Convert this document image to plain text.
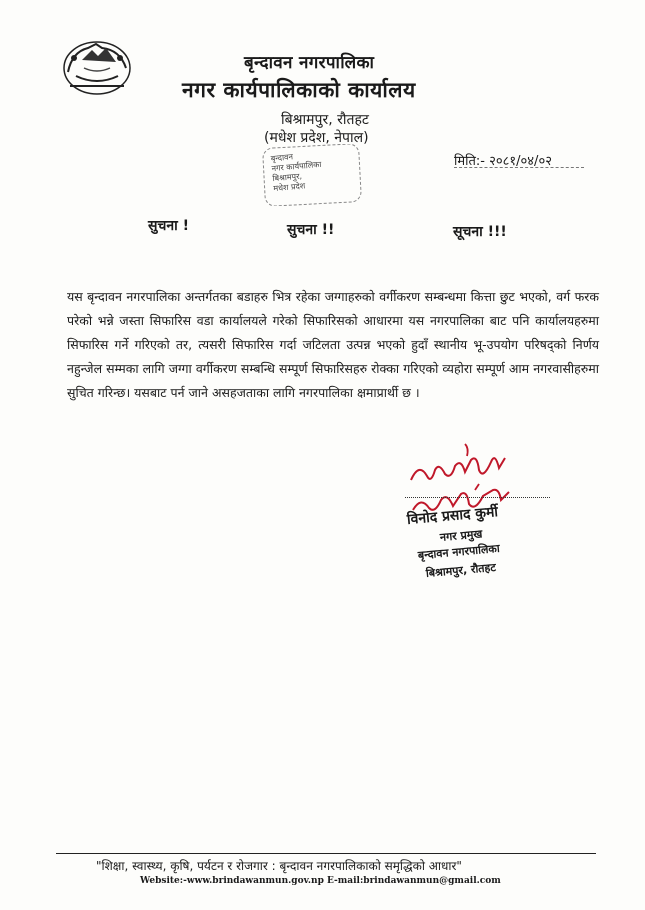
बृन्दावन नगरपालिका
नगर कार्यपालिकाको कार्यालय
बिश्रामपुर, रौतहट
(मधेश प्रदेश, नेपाल)
बृन्दावन
नगर कार्यपालिका
बिश्रामपुर,
मधेश प्रदेश
मिति:- २०८१/०४/०२
सुचना !	सुचना !!	सूचना !!!
यस बृन्दावन नगरपालिका अन्तर्गतका बडाहरु भित्र रहेका जग्गाहरुको वर्गीकरण सम्बन्धमा कित्ता छुट भएको, वर्ग फरक परेको भन्ने जस्ता सिफारिस वडा कार्यालयले गरेको सिफारिसको आधारमा यस नगरपालिका बाट पनि कार्यालयहरुमा सिफारिस गर्ने गरिएको तर, त्यसरी सिफारिस गर्दा जटिलता उत्पन्न भएको हुदाँ स्थानीय भू-उपयोग परिषद्‌को निर्णय नहुन्जेल सम्मका लागि जग्गा वर्गीकरण सम्बन्धि सम्पूर्ण सिफारिसहरु रोक्का गरिएको व्यहोरा सम्पूर्ण आम नगरवासीहरुमा सुचित गरिन्छ। यसबाट पर्न जाने असहजताका लागि नगरपालिका क्षमाप्रार्थी छ ।
विनोद प्रसाद कुर्मी
नगर प्रमुख
बृन्दावन नगरपालिका
बिश्रामपुर, रौतहट
"शिक्षा, स्वास्थ्य, कृषि, पर्यटन र रोजगार : बृन्दावन नगरपालिकाको समृद्धिको आधार"
Website:-www.brindawanmun.gov.np E-mail:brindawanmun@gmail.com
